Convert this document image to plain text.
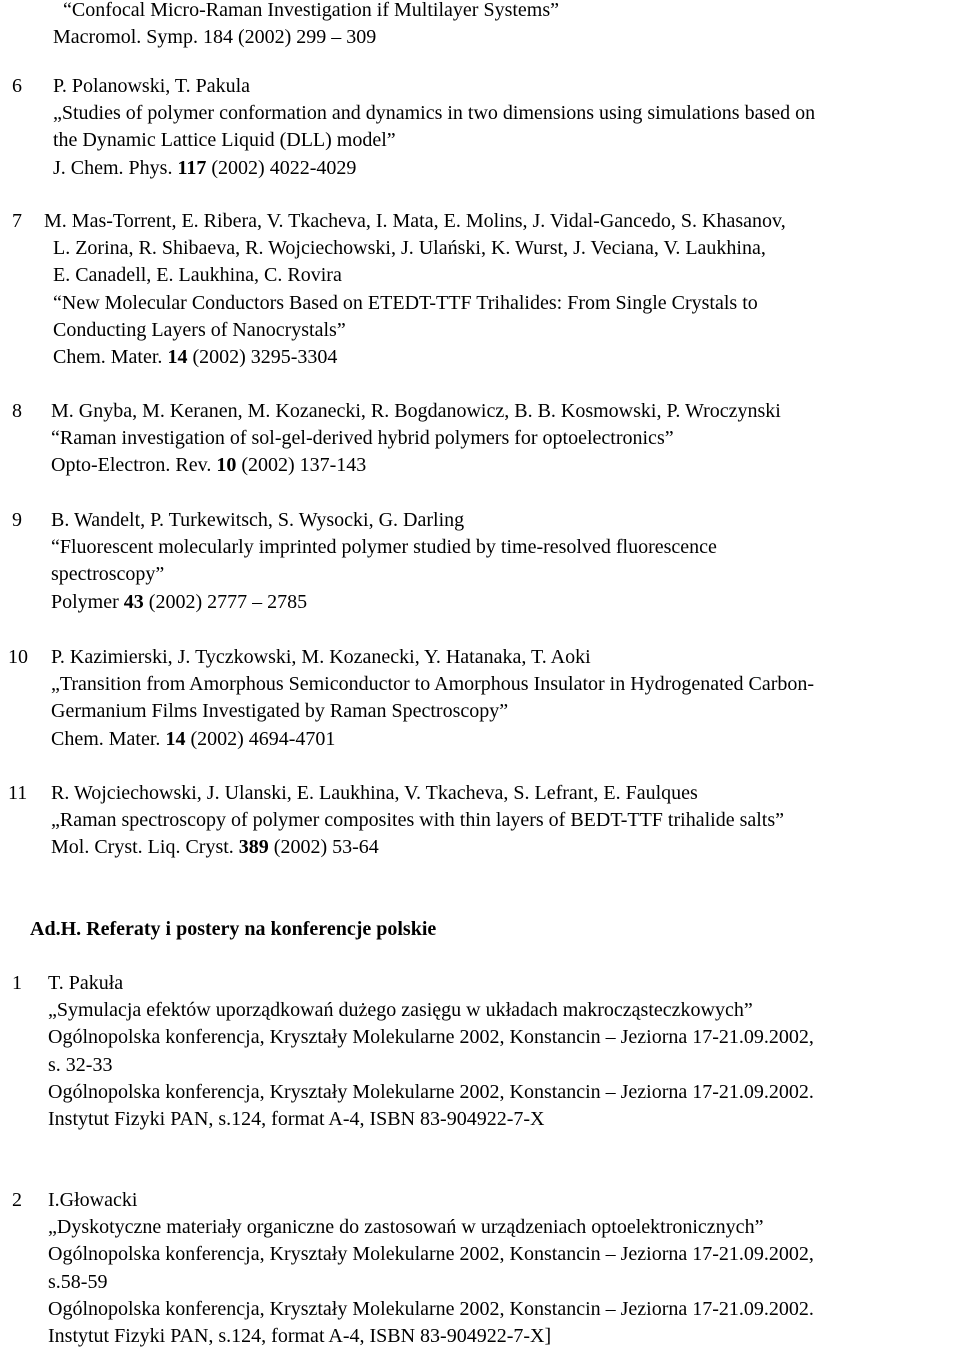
“Confocal Micro-Raman Investigation if Multilayer Systems”
Macromol. Symp. 184 (2002) 299 – 309
6 P. Polanowski, T. Pakula
„Studies of polymer conformation and dynamics in two dimensions using simulations based on
the Dynamic Lattice Liquid (DLL) model”
J. Chem. Phys. 117 (2002) 4022-4029
7 M. Mas-Torrent, E. Ribera, V. Tkacheva, I. Mata, E. Molins, J. Vidal-Gancedo, S. Khasanov,
L. Zorina, R. Shibaeva, R. Wojciechowski, J. Ulański, K. Wurst, J. Veciana, V. Laukhina,
E. Canadell, E. Laukhina, C. Rovira
“New Molecular Conductors Based on ETEDT-TTF Trihalides: From Single Crystals to
Conducting Layers of Nanocrystals”
Chem. Mater. 14 (2002) 3295-3304
8 M. Gnyba, M. Keranen, M. Kozanecki, R. Bogdanowicz, B. B. Kosmowski, P. Wroczynski
“Raman investigation of sol-gel-derived hybrid polymers for optoelectronics”
Opto-Electron. Rev. 10 (2002) 137-143
9 B. Wandelt, P. Turkewitsch, S. Wysocki, G. Darling
“Fluorescent molecularly imprinted polymer studied by time-resolved fluorescence
spectroscopy”
Polymer 43 (2002) 2777 – 2785
10 P. Kazimierski, J. Tyczkowski, M. Kozanecki, Y. Hatanaka, T. Aoki
„Transition from Amorphous Semiconductor to Amorphous Insulator in Hydrogenated Carbon-
Germanium Films Investigated by Raman Spectroscopy”
Chem. Mater. 14 (2002) 4694-4701
11 R. Wojciechowski, J. Ulanski, E. Laukhina, V. Tkacheva, S. Lefrant, E. Faulques
„Raman spectroscopy of polymer composites with thin layers of BEDT-TTF trihalide salts”
Mol. Cryst. Liq. Cryst. 389 (2002) 53-64
Ad.H. Referaty i postery na konferencje polskie
1 T. Pakuła
„Symulacja efektów uporządkowań dużego zasięgu w układach makrocząsteczkowych”
Ogólnopolska konferencja, Kryształy Molekularne 2002, Konstancin – Jeziorna 17-21.09.2002,
s. 32-33
Ogólnopolska konferencja, Kryształy Molekularne 2002, Konstancin – Jeziorna 17-21.09.2002.
Instytut Fizyki PAN, s.124, format A-4, ISBN 83-904922-7-X
2 I.Głowacki
„Dyskotyczne materiały organiczne do zastosowań w urządzeniach optoelektronicznych”
Ogólnopolska konferencja, Kryształy Molekularne 2002, Konstancin – Jeziorna 17-21.09.2002,
s.58-59
Ogólnopolska konferencja, Kryształy Molekularne 2002, Konstancin – Jeziorna 17-21.09.2002.
Instytut Fizyki PAN, s.124, format A-4, ISBN 83-904922-7-X]
